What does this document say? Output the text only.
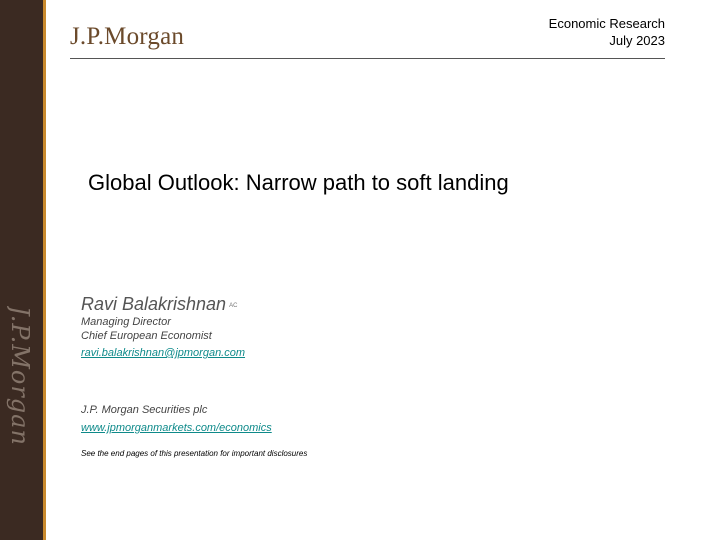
J.P.Morgan
J.P.Morgan	Economic Research
July 2023
Global Outlook: Narrow path to soft landing
Ravi Balakrishnan $^{AC}$
Managing Director
Chief European Economist
ravi.balakrishnan@jpmorgan.com
J.P. Morgan Securities plc
www.jpmorganmarkets.com/economics
See the end pages of this presentation for important disclosures
